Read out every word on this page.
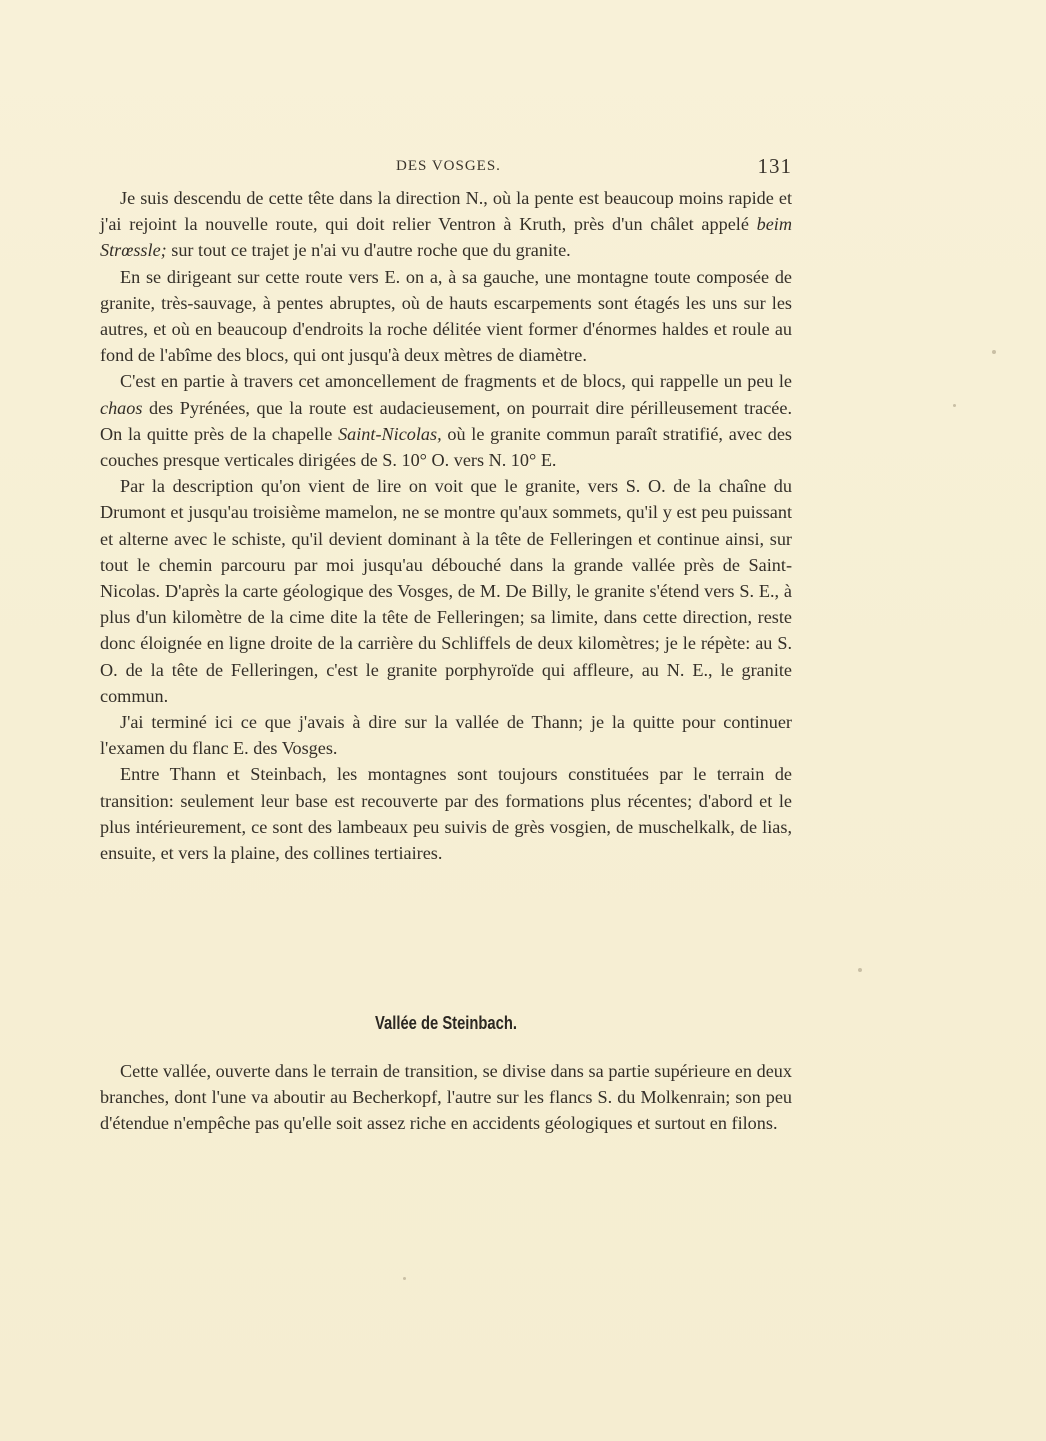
DES VOSGES.	131

Je suis descendu de cette tête dans la direction N., où la pente est beaucoup moins rapide et j'ai rejoint la nouvelle route, qui doit relier Ventron à Kruth, près d'un châlet appelé beim Strœssle; sur tout ce trajet je n'ai vu d'autre roche que du granite.

En se dirigeant sur cette route vers E. on a, à sa gauche, une montagne toute composée de granite, très-sauvage, à pentes abruptes, où de hauts escarpements sont étagés les uns sur les autres, et où en beaucoup d'endroits la roche délitée vient former d'énormes haldes et roule au fond de l'abîme des blocs, qui ont jusqu'à deux mètres de diamètre.

C'est en partie à travers cet amoncellement de fragments et de blocs, qui rappelle un peu le chaos des Pyrénées, que la route est audacieusement, on pourrait dire périlleusement tracée. On la quitte près de la chapelle Saint-Nicolas, où le granite commun paraît stratifié, avec des couches presque verticales dirigées de S. 10° O. vers N. 10° E.

Par la description qu'on vient de lire on voit que le granite, vers S. O. de la chaîne du Drumont et jusqu'au troisième mamelon, ne se montre qu'aux sommets, qu'il y est peu puissant et alterne avec le schiste, qu'il devient dominant à la tête de Felleringen et continue ainsi, sur tout le chemin parcouru par moi jusqu'au débouché dans la grande vallée près de Saint-Nicolas. D'après la carte géologique des Vosges, de M. De Billy, le granite s'étend vers S. E., à plus d'un kilomètre de la cime dite la tête de Felleringen; sa limite, dans cette direction, reste donc éloignée en ligne droite de la carrière du Schliffels de deux kilomètres; je le répète: au S. O. de la tête de Felleringen, c'est le granite porphyroïde qui affleure, au N. E., le granite commun.

J'ai terminé ici ce que j'avais à dire sur la vallée de Thann; je la quitte pour continuer l'examen du flanc E. des Vosges.

Entre Thann et Steinbach, les montagnes sont toujours constituées par le terrain de transition: seulement leur base est recouverte par des formations plus récentes; d'abord et le plus intérieurement, ce sont des lambeaux peu suivis de grès vosgien, de muschelkalk, de lias, ensuite, et vers la plaine, des collines tertiaires.

Vallée de Steinbach.

Cette vallée, ouverte dans le terrain de transition, se divise dans sa partie supérieure en deux branches, dont l'une va aboutir au Becherkopf, l'autre sur les flancs S. du Molkenrain; son peu d'étendue n'empêche pas qu'elle soit assez riche en accidents géologiques et surtout en filons.
